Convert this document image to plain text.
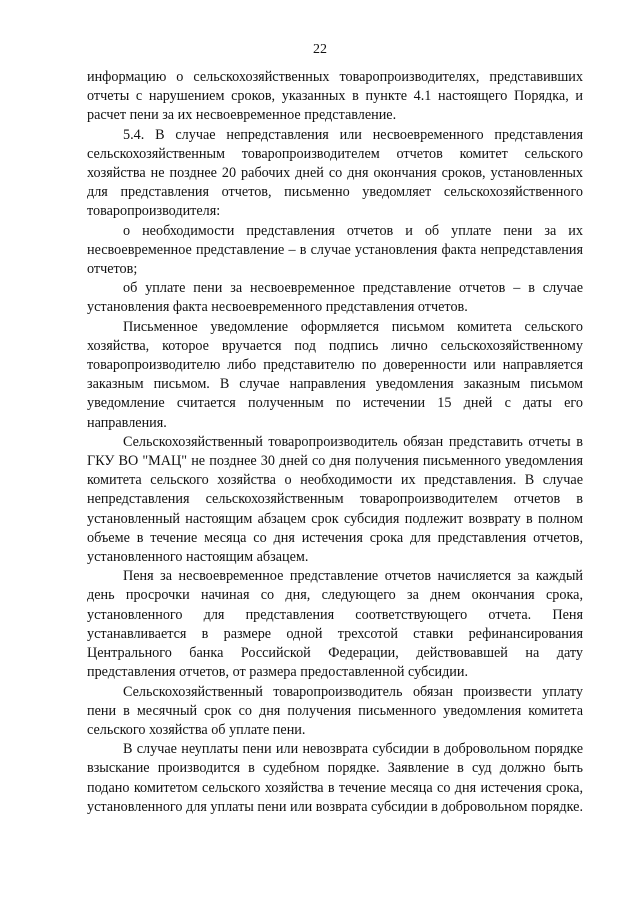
22

информацию о сельскохозяйственных товаропроизводителях, представивших отчеты с нарушением сроков, указанных в пункте 4.1 настоящего Порядка, и расчет пени за их несвоевременное представление.

5.4. В случае непредставления или несвоевременного представления сельскохозяйственным товаропроизводителем отчетов комитет сельского хозяйства не позднее 20 рабочих дней со дня окончания сроков, установленных для представления отчетов, письменно уведомляет сельскохозяйственного товаропроизводителя:

о необходимости представления отчетов и об уплате пени за их несвоевременное представление – в случае установления факта непредставления отчетов;

об уплате пени за несвоевременное представление отчетов – в случае установления факта несвоевременного представления отчетов.

Письменное уведомление оформляется письмом комитета сельского хозяйства, которое вручается под подпись лично сельскохозяйственному товаропроизводителю либо представителю по доверенности или направляется заказным письмом. В случае направления уведомления заказным письмом уведомление считается полученным по истечении 15 дней с даты его направления.

Сельскохозяйственный товаропроизводитель обязан представить отчеты в ГКУ ВО "МАЦ" не позднее 30 дней со дня получения письменного уведомления комитета сельского хозяйства о необходимости их представления. В случае непредставления сельскохозяйственным товаропроизводителем отчетов в установленный настоящим абзацем срок субсидия подлежит возврату в полном объеме в течение месяца со дня истечения срока для представления отчетов, установленного настоящим абзацем.

Пеня за несвоевременное представление отчетов начисляется за каждый день просрочки начиная со дня, следующего за днем окончания срока, установленного для представления соответствующего отчета. Пеня устанавливается в размере одной трехсотой ставки рефинансирования Центрального банка Российской Федерации, действовавшей на дату представления отчетов, от размера предоставленной субсидии.

Сельскохозяйственный товаропроизводитель обязан произвести уплату пени в месячный срок со дня получения письменного уведомления комитета сельского хозяйства об уплате пени.

В случае неуплаты пени или невозврата субсидии в добровольном порядке взыскание производится в судебном порядке. Заявление в суд должно быть подано комитетом сельского хозяйства в течение месяца со дня истечения срока, установленного для уплаты пени или возврата субсидии в добровольном порядке.
